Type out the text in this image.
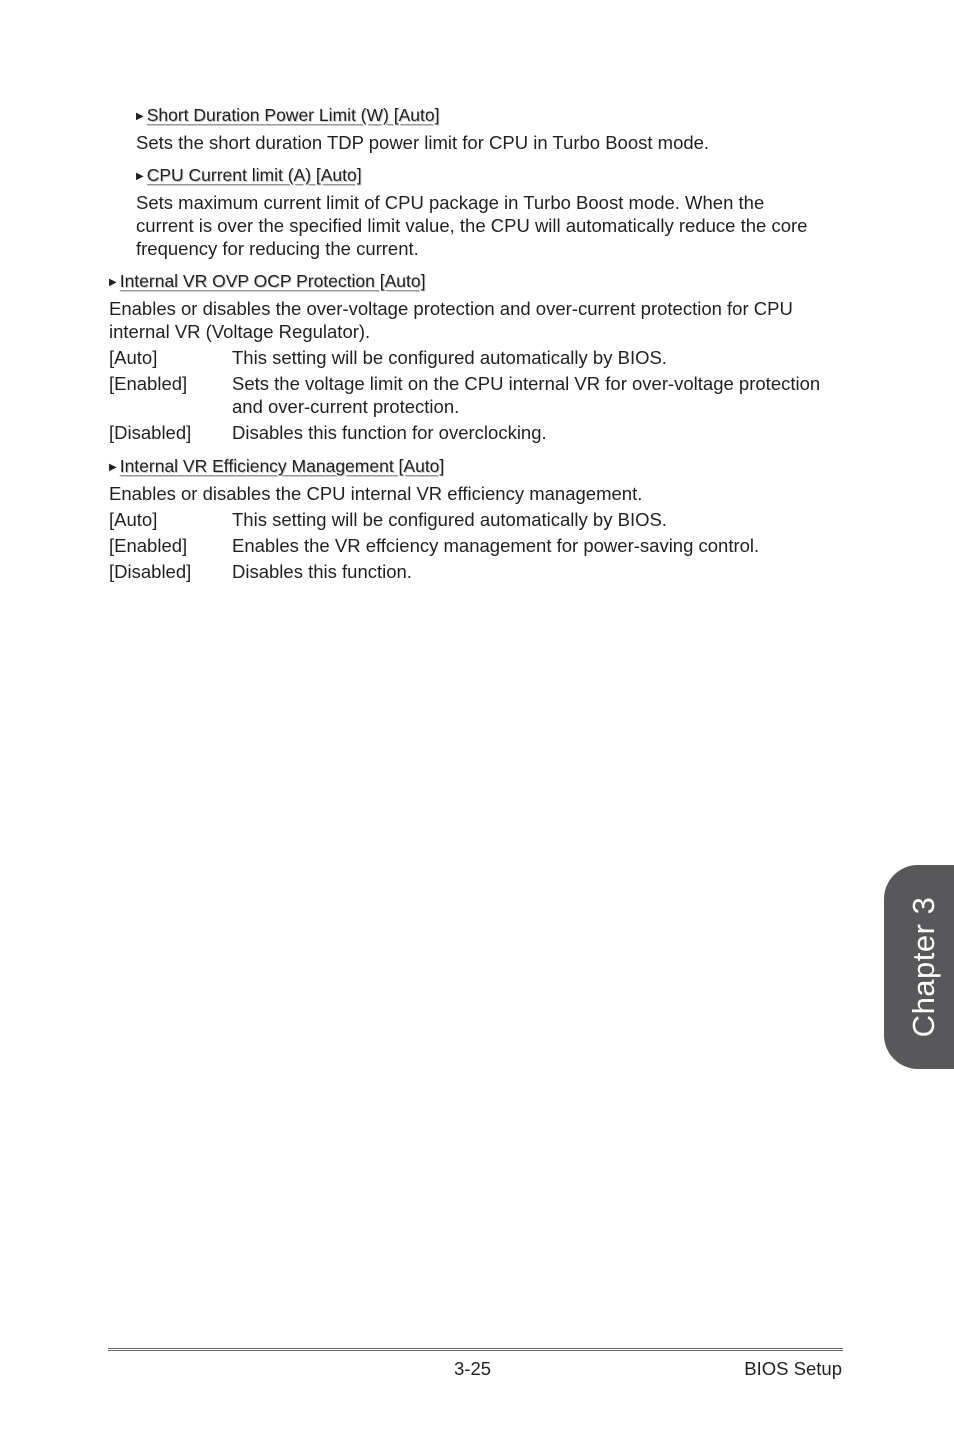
▶ Short Duration Power Limit (W) [Auto]
Sets the short duration TDP power limit for CPU in Turbo Boost mode.
▶ CPU Current limit (A) [Auto]
Sets maximum current limit of CPU package in Turbo Boost mode. When the
current is over the specified limit value, the CPU will automatically reduce the core
frequency for reducing the current.
▶ Internal VR OVP OCP Protection [Auto]
Enables or disables the over-voltage protection and over-current protection for CPU
internal VR (Voltage Regulator).
[Auto]	This setting will be configured automatically by BIOS.
[Enabled]	Sets the voltage limit on the CPU internal VR for over-voltage protection
and over-current protection.
[Disabled]	Disables this function for overclocking.
▶ Internal VR Efficiency Management [Auto]
Enables or disables the CPU internal VR efficiency management.
[Auto]	This setting will be configured automatically by BIOS.
[Enabled]	Enables the VR effciency management for power-saving control.
[Disabled]	Disables this function.
Chapter 3
3-25	BIOS Setup
